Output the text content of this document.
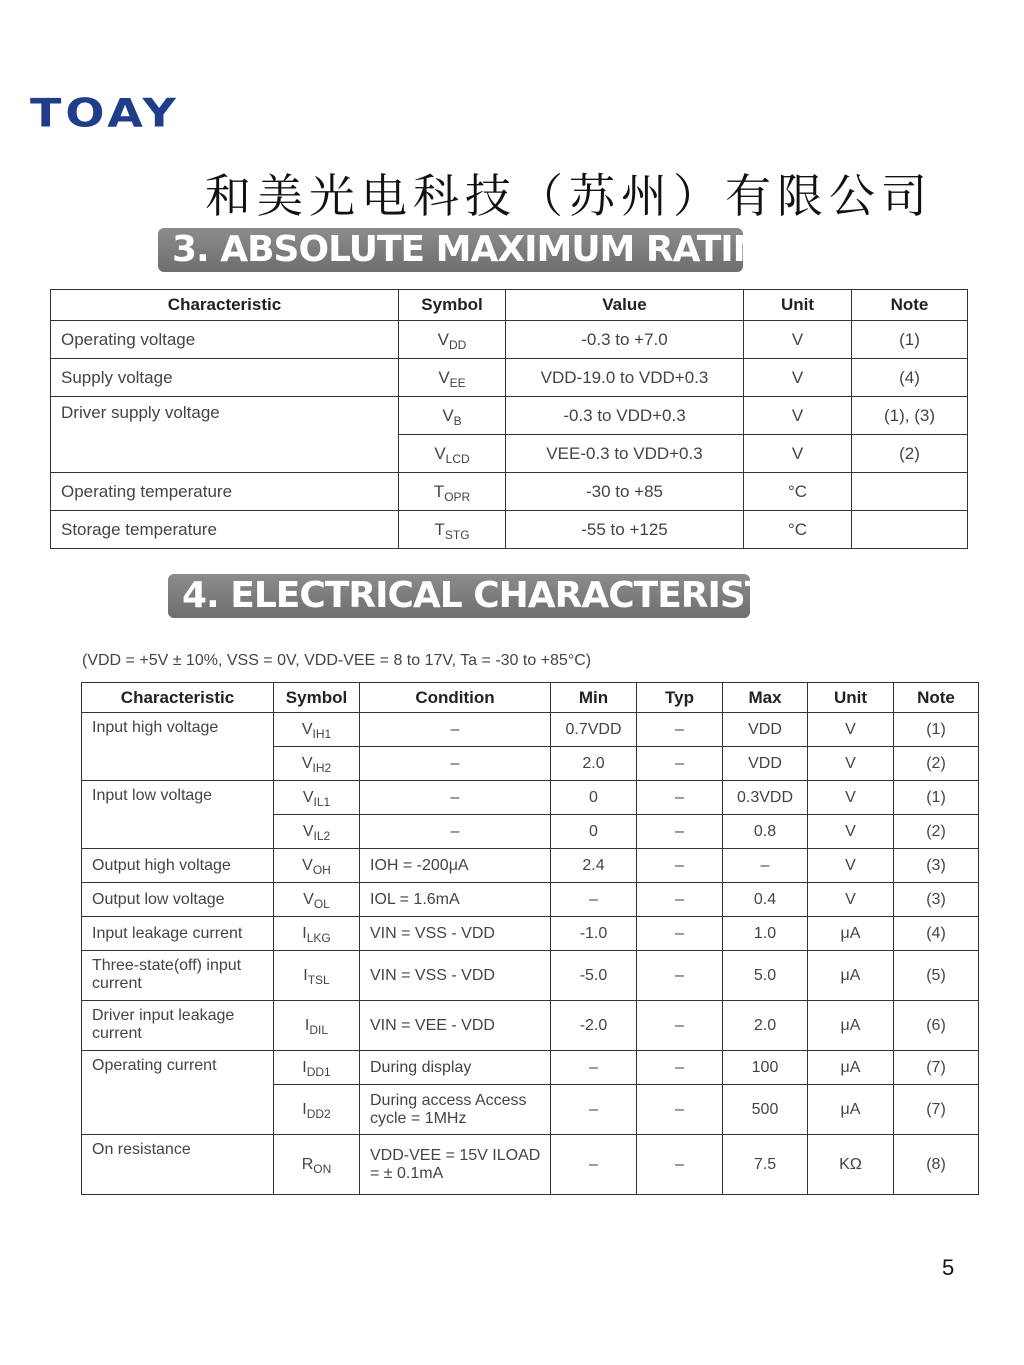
TOAY
和美光电科技（苏州）有限公司
3. ABSOLUTE MAXIMUM RATINGS
Characteristic	Symbol	Value	Unit	Note
Operating voltage	$V_{DD}$	-0.3 to +7.0	V	(1)
Supply voltage	$V_{EE}$	VDD-19.0 to VDD+0.3	V	(4)
Driver supply voltage	$V_B$	-0.3 to VDD+0.3	V	(1), (3)
	$V_{LCD}$	VEE-0.3 to VDD+0.3	V	(2)
Operating temperature	$T_{OPR}$	-30 to +85	°C	
Storage temperature	$T_{STG}$	-55 to +125	°C	
4. ELECTRICAL CHARACTERISTICS
(VDD = +5V ± 10%, VSS = 0V, VDD-VEE = 8 to 17V, Ta = -30 to +85°C)
Characteristic	Symbol	Condition	Min	Typ	Max	Unit	Note
Input high voltage	$V_{IH1}$	–	0.7VDD	–	VDD	V	(1)
	$V_{IH2}$	–	2.0	–	VDD	V	(2)
Input low voltage	$V_{IL1}$	–	0	–	0.3VDD	V	(1)
	$V_{IL2}$	–	0	–	0.8	V	(2)
Output high voltage	$V_{OH}$	IOH = -200μA	2.4	–	–	V	(3)
Output low voltage	$V_{OL}$	IOL = 1.6mA	–	–	0.4	V	(3)
Input leakage current	$I_{LKG}$	VIN = VSS - VDD	-1.0	–	1.0	μA	(4)
Three-state(off) input current	$I_{TSL}$	VIN = VSS - VDD	-5.0	–	5.0	μA	(5)
Driver input leakage current	$I_{DIL}$	VIN = VEE - VDD	-2.0	–	2.0	μA	(6)
Operating current	$I_{DD1}$	During display	–	–	100	μA	(7)
	$I_{DD2}$	During access Access cycle = 1MHz	–	–	500	μA	(7)
On resistance	$R_{ON}$	VDD-VEE = 15V ILOAD = ± 0.1mA	–	–	7.5	KΩ	(8)
5
